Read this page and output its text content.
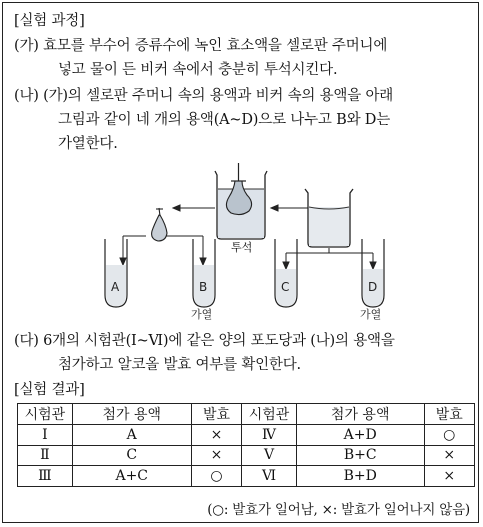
[실험 과정]
(가) 효모를 부수어 증류수에 녹인 효소액을 셀로판 주머니에
넣고 물이 든 비커 속에서 충분히 투석시킨다.
(나) (가)의 셀로판 주머니 속의 용액과 비커 속의 용액을 아래
그림과 같이 네 개의 용액(A~D)으로 나누고 B와 D는
가열한다.
투석
A	B	C	D
가열	가열
(다) 6개의 시험관(Ⅰ~Ⅵ)에 같은 양의 포도당과 (나)의 용액을
첨가하고 알코올 발효 여부를 확인한다.
[실험 결과]
시험관	첨가 용액	발효	시험관	첨가 용액	발효
Ⅰ	A	×	Ⅳ	A+D	○
Ⅱ	C	×	Ⅴ	B+C	×
Ⅲ	A+C	○	Ⅵ	B+D	×
(○: 발효가 일어남, ×: 발효가 일어나지 않음)
